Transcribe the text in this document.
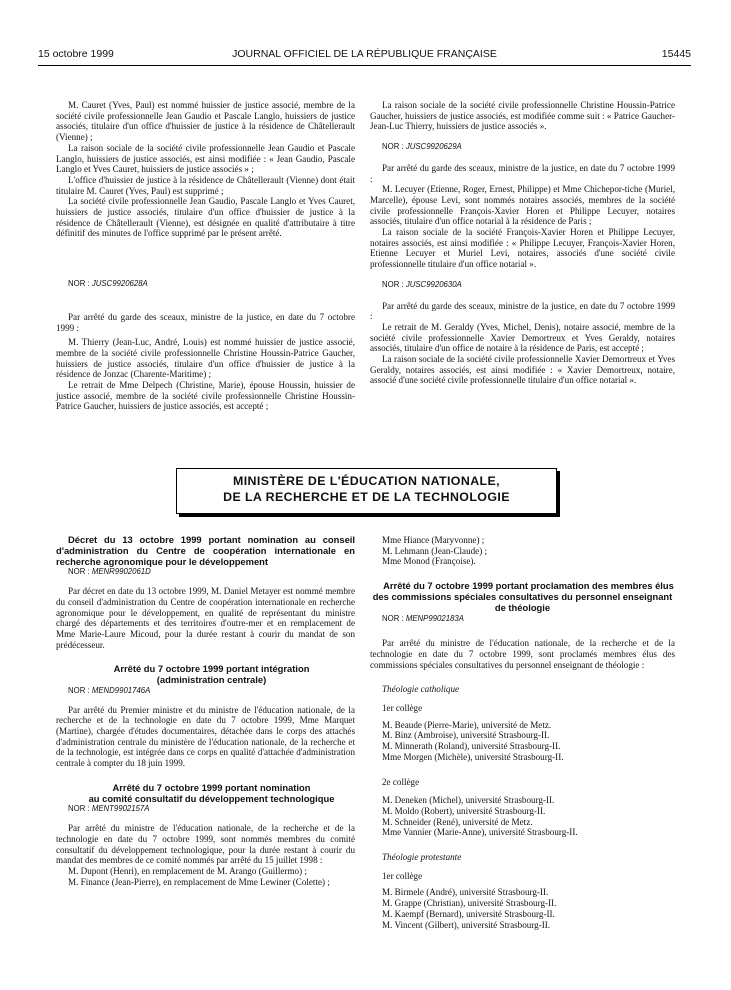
15 octobre 1999	JOURNAL OFFICIEL DE LA RÉPUBLIQUE FRANÇAISE	15445

M. Cauret (Yves, Paul) est nommé huissier de justice associé, membre de la société civile professionnelle Jean Gaudio et Pascale Langlo, huissiers de justice associés, titulaire d'un office d'huissier de justice à la résidence de Châtellerault (Vienne) ;

La raison sociale de la société civile professionnelle Jean Gaudio et Pascale Langlo, huissiers de justice associés, est ainsi modifiée : « Jean Gaudio, Pascale Langlo et Yves Cauret, huissiers de justice associés » ;

L'office d'huissier de justice à la résidence de Châtellerault (Vienne) dont était titulaire M. Cauret (Yves, Paul) est supprimé ;

La société civile professionnelle Jean Gaudio, Pascale Langlo et Yves Cauret, huissiers de justice associés, titulaire d'un office d'huissier de justice à la résidence de Châtellerault (Vienne), est désignée en qualité d'attributaire à titre définitif des minutes de l'office supprimé par le présent arrêté.

NOR : JUSC9920628A

Par arrêté du garde des sceaux, ministre de la justice, en date du 7 octobre 1999 :

M. Thierry (Jean-Luc, André, Louis) est nommé huissier de justice associé, membre de la société civile professionnelle Christine Houssin-Patrice Gaucher, huissiers de justice associés, titulaire d'un office d'huissier de justice à la résidence de Jonzac (Charente-Maritime) ;

Le retrait de Mme Delpech (Christine, Marie), épouse Houssin, huissier de justice associé, membre de la société civile professionnelle Christine Houssin-Patrice Gaucher, huissiers de justice associés, est accepté ;

La raison sociale de la société civile professionnelle Christine Houssin-Patrice Gaucher, huissiers de justice associés, est modifiée comme suit : « Patrice Gaucher-Jean-Luc Thierry, huissiers de justice associés ».

NOR : JUSC9920629A

Par arrêté du garde des sceaux, ministre de la justice, en date du 7 octobre 1999 :

M. Lecuyer (Etienne, Roger, Ernest, Philippe) et Mme Chichepor-tiche (Muriel, Marcelle), épouse Levi, sont nommés notaires associés, membres de la société civile professionnelle François-Xavier Horen et Philippe Lecuyer, notaires associés, titulaire d'un office notarial à la résidence de Paris ;

La raison sociale de la société François-Xavier Horen et Philippe Lecuyer, notaires associés, est ainsi modifiée : « Philippe Lecuyer, François-Xavier Horen, Etienne Lecuyer et Muriel Levi, notaires, associés d'une société civile professionnelle titulaire d'un office notarial ».

NOR : JUSC9920630A

Par arrêté du garde des sceaux, ministre de la justice, en date du 7 octobre 1999 :

Le retrait de M. Geraldy (Yves, Michel, Denis), notaire associé, membre de la société civile professionnelle Xavier Demortreux et Yves Geraldy, notaires associés, titulaire d'un office de notaire à la résidence de Paris, est accepté ;

La raison sociale de la société civile professionnelle Xavier Demortreux et Yves Geraldy, notaires associés, est ainsi modifiée : « Xavier Demortreux, notaire, associé d'une société civile professionnelle titulaire d'un office notarial ».

MINISTÈRE DE L'ÉDUCATION NATIONALE,
DE LA RECHERCHE ET DE LA TECHNOLOGIE

Décret du 13 octobre 1999 portant nomination au conseil d'administration du Centre de coopération internationale en recherche agronomique pour le développement

NOR : MENR9902061D

Par décret en date du 13 octobre 1999, M. Daniel Metayer est nommé membre du conseil d'administration du Centre de coopération internationale en recherche agronomique pour le développement, en qualité de représentant du ministre chargé des départements et des territoires d'outre-mer et en remplacement de Mme Marie-Laure Micoud, pour la durée restant à courir du mandat de son prédécesseur.

Arrêté du 7 octobre 1999 portant intégration

(administration centrale)

NOR : MEND9901746A

Par arrêté du Premier ministre et du ministre de l'éducation nationale, de la recherche et de la technologie en date du 7 octobre 1999, Mme Marquet (Martine), chargée d'études documentaires, détachée dans le corps des attachés d'administration centrale du ministère de l'éducation nationale, de la recherche et de la technologie, est intégrée dans ce corps en qualité d'attachée d'administration centrale à compter du 18 juin 1999.

Arrêté du 7 octobre 1999 portant nomination

au comité consultatif du développement technologique

NOR : MENT9902157A

Par arrêté du ministre de l'éducation nationale, de la recherche et de la technologie en date du 7 octobre 1999, sont nommés membres du comité consultatif du développement technologique, pour la durée restant à courir du mandat des membres de ce comité nommés par arrêté du 15 juillet 1998 :

M. Dupont (Henri), en remplacement de M. Arango (Guillermo) ;

M. Finance (Jean-Pierre), en remplacement de Mme Lewiner (Colette) ;

Mme Hiance (Maryvonne) ;

M. Lehmann (Jean-Claude) ;

Mme Monod (Françoise).

Arrêté du 7 octobre 1999 portant proclamation des membres élus des commissions spéciales consultatives du personnel enseignant de théologie

NOR : MENP9902183A

Par arrêté du ministre de l'éducation nationale, de la recherche et de la technologie en date du 7 octobre 1999, sont proclamés membres élus des commissions spéciales consultatives du personnel enseignant de théologie :

Théologie catholique

1er collège

M. Beaude (Pierre-Marie), université de Metz.

M. Binz (Ambroise), université Strasbourg-II.

M. Minnerath (Roland), université Strasbourg-II.

Mme Morgen (Michèle), université Strasbourg-II.

2e collège

M. Deneken (Michel), université Strasbourg-II.

M. Moldo (Robert), université Strasbourg-II.

M. Schneider (René), université de Metz.

Mme Vannier (Marie-Anne), université Strasbourg-II.

Théologie protestante

1er collège

M. Birmele (André), université Strasbourg-II.

M. Grappe (Christian), université Strasbourg-II.

M. Kaempf (Bernard), université Strasbourg-II.

M. Vincent (Gilbert), université Strasbourg-II.
